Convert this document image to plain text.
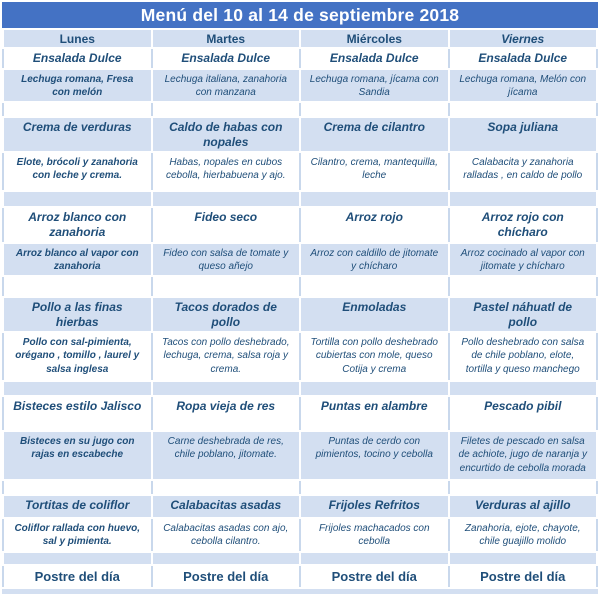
Menú del 10 al 14 de septiembre 2018
Lunes	Martes	Miércoles	Viernes
Ensalada Dulce	Ensalada Dulce	Ensalada Dulce	Ensalada Dulce
Lechuga romana, Fresa con melón	Lechuga italiana, zanahoria con manzana	Lechuga romana, jícama con Sandia	Lechuga romana, Melón con jícama

Crema de verduras	Caldo de habas con nopales	Crema de cilantro	Sopa juliana
Elote, brócoli y zanahoria con leche y crema.	Habas, nopales en cubos cebolla, hierbabuena y ajo.	Cilantro, crema, mantequilla, leche	Calabacita y zanahoria ralladas , en caldo de pollo

Arroz blanco con zanahoria	Fideo seco	Arroz rojo	Arroz rojo con chícharo
Arroz blanco al vapor con zanahoria	Fideo con salsa de tomate y queso añejo	Arroz con caldillo de jitomate y chícharo	Arroz cocinado al vapor con jitomate y chícharo

Pollo a las finas hierbas	Tacos dorados de pollo	Enmoladas	Pastel náhuatl de pollo
Pollo con sal-pimienta, orégano , tomillo , laurel y salsa inglesa	Tacos con pollo deshebrado, lechuga, crema, salsa roja y crema.	Tortilla con pollo deshebrado cubiertas con mole, queso Cotija y crema	Pollo deshebrado con salsa de chile poblano, elote, tortilla y queso manchego

Bisteces estilo Jalisco	Ropa vieja de res	Puntas en alambre	Pescado pibil
Bisteces en su jugo con rajas en escabeche	Carne deshebrada de res, chile poblano, jitomate.	Puntas de cerdo con pimientos, tocino y cebolla	Filetes de pescado en salsa de achiote, jugo de naranja y encurtido de cebolla morada

Tortitas de coliflor	Calabacitas asadas	Frijoles Refritos	Verduras al ajillo
Coliflor rallada con huevo, sal y pimienta.	Calabacitas asadas con ajo, cebolla cilantro.	Frijoles machacados con cebolla	Zanahoria, ejote, chayote, chile guajillo molido

Postre del día	Postre del día	Postre del día	Postre del día
